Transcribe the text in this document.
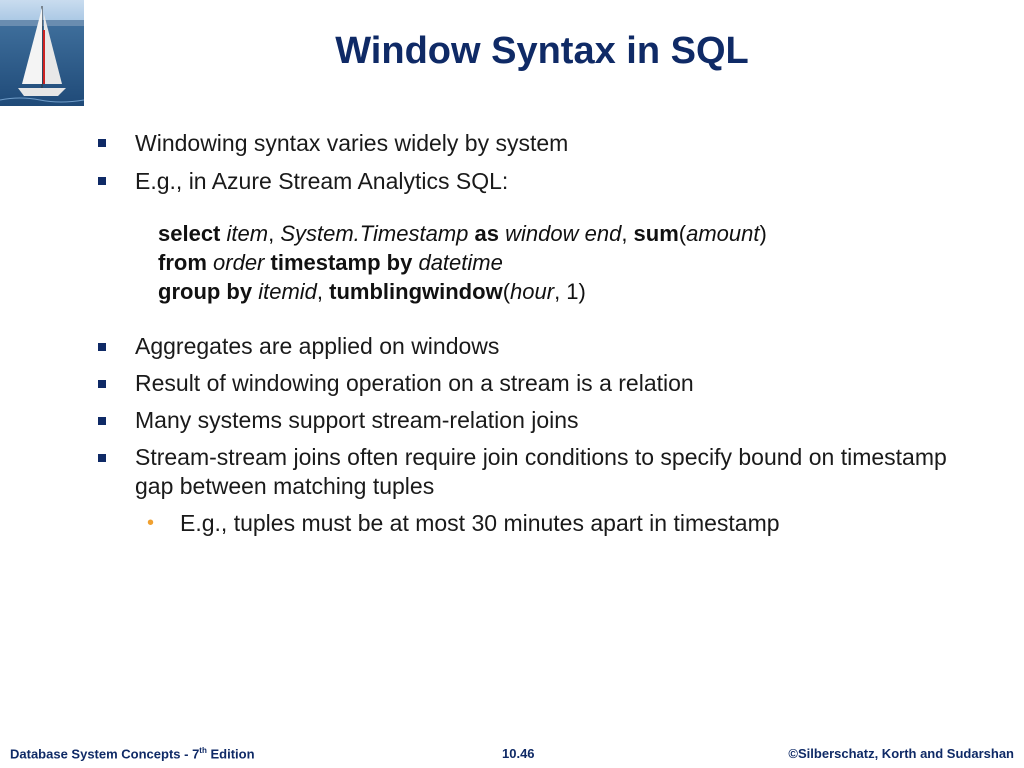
Window Syntax in SQL
Windowing syntax varies widely by system
E.g., in Azure Stream Analytics SQL:
select item, System.Timestamp as window end, sum(amount)
from order timestamp by datetime
group by itemid, tumblingwindow(hour, 1)
Aggregates are applied on windows
Result of windowing operation on a stream is a relation
Many systems support stream-relation joins
Stream-stream joins often require join conditions to specify bound on timestamp gap between matching tuples
• E.g., tuples must be at most 30 minutes apart in timestamp
Database System Concepts - 7th Edition	10.46	©Silberschatz, Korth and Sudarshan
